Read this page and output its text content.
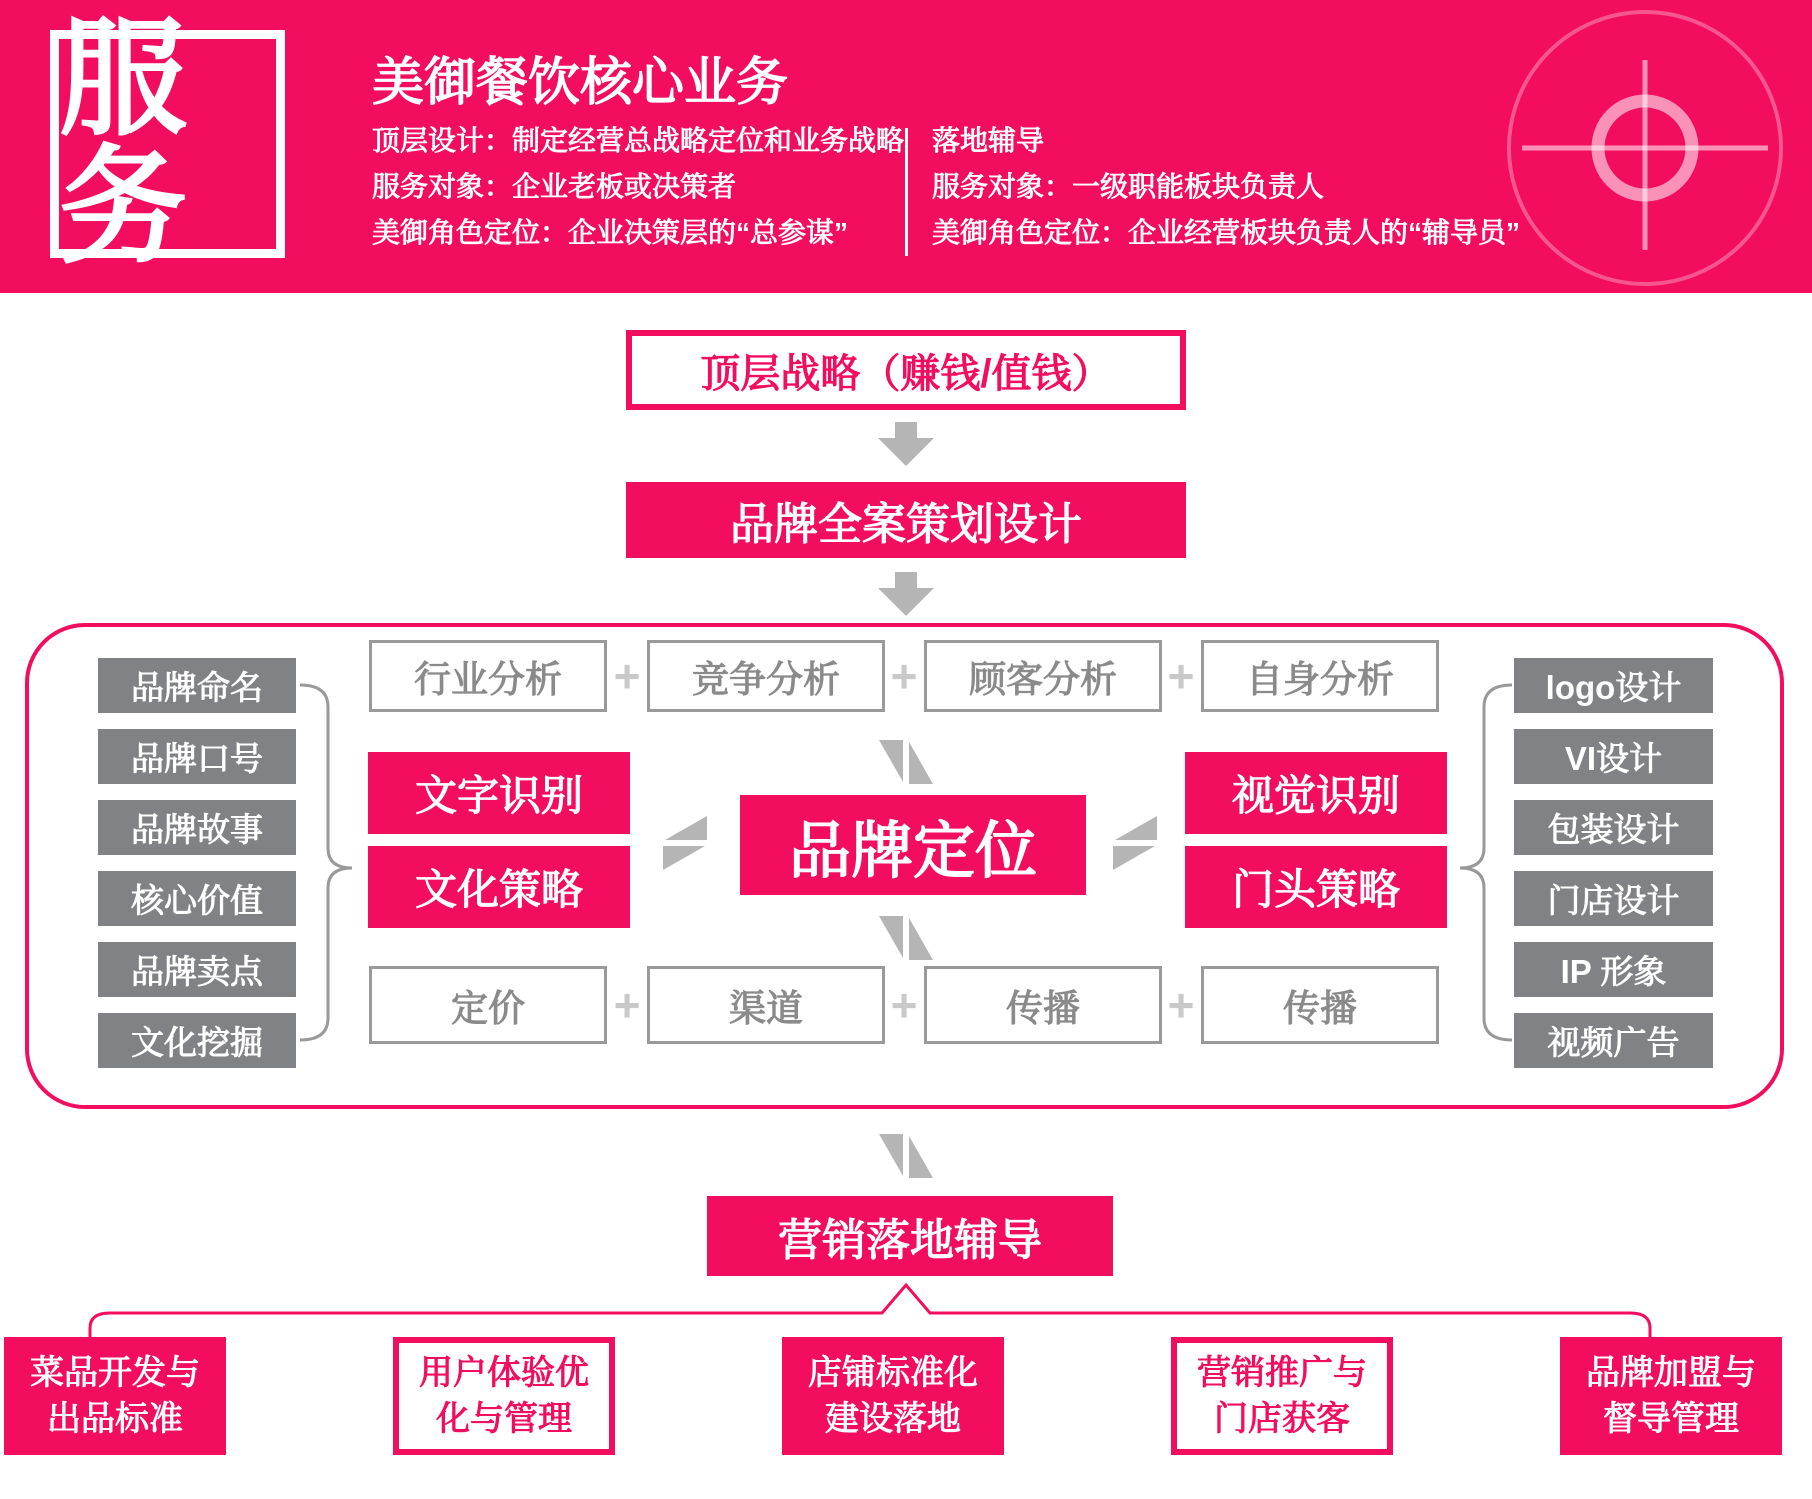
服务
美御餐饮核心业务
顶层设计：制定经营总战略定位和业务战略
服务对象：企业老板或决策者
美御角色定位：企业决策层的“总参谋”
落地辅导
服务对象：一级职能板块负责人
美御角色定位：企业经营板块负责人的“辅导员”
顶层战略（赚钱/值钱）
品牌全案策划设计
品牌命名
品牌口号
品牌故事
核心价值
品牌卖点
文化挖掘
logo设计
VI设计
包装设计
门店设计
IP 形象
视频广告
行业分析 + 竞争分析 + 顾客分析 + 自身分析
定价 + 渠道 + 传播 + 传播
文字识别
文化策略
视觉识别
门头策略
品牌定位
营销落地辅导
菜品开发与
出品标准
用户体验优
化与管理
店铺标准化
建设落地
营销推广与
门店获客
品牌加盟与
督导管理
